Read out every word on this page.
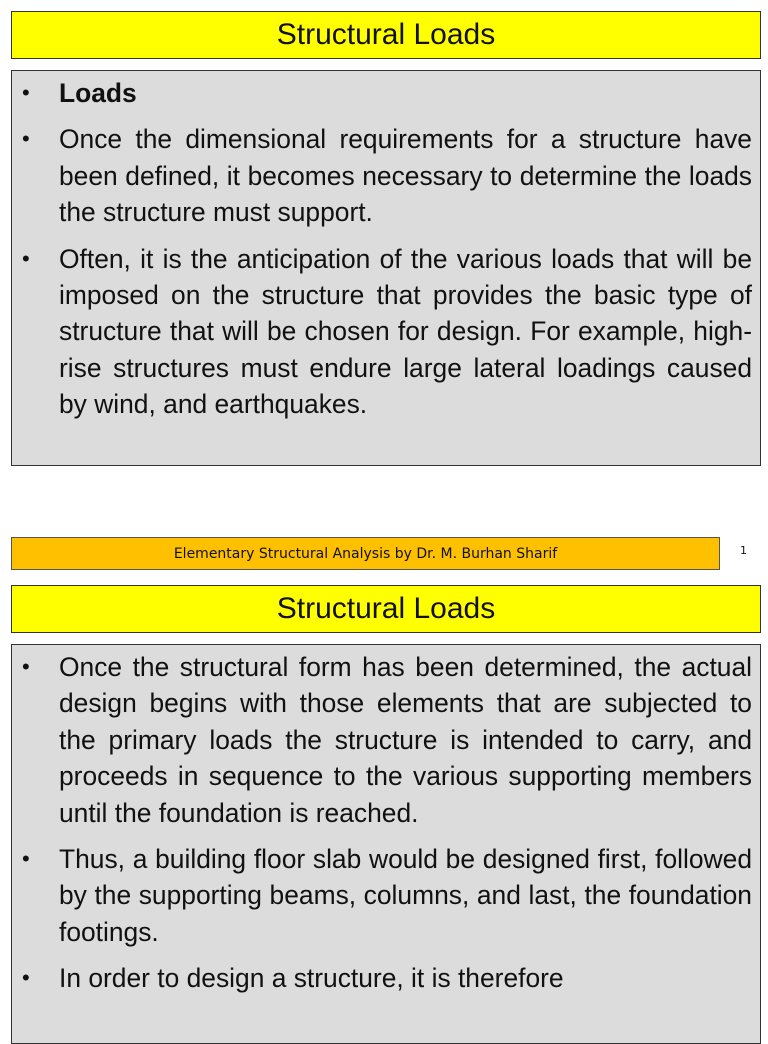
Structural Loads
• Loads
• Once the dimensional requirements for a structure have been defined, it becomes necessary to determine the loads the structure must support.
• Often, it is the anticipation of the various loads that will be imposed on the structure that provides the basic type of structure that will be chosen for design. For example, high-rise structures must endure large lateral loadings caused by wind, and earthquakes.
Elementary Structural Analysis by Dr. M. Burhan Sharif	1
Structural Loads
• Once the structural form has been determined, the actual design begins with those elements that are subjected to the primary loads the structure is intended to carry, and proceeds in sequence to the various supporting members until the foundation is reached.
• Thus, a building floor slab would be designed first, followed by the supporting beams, columns, and last, the foundation footings.
• In order to design a structure, it is therefore
